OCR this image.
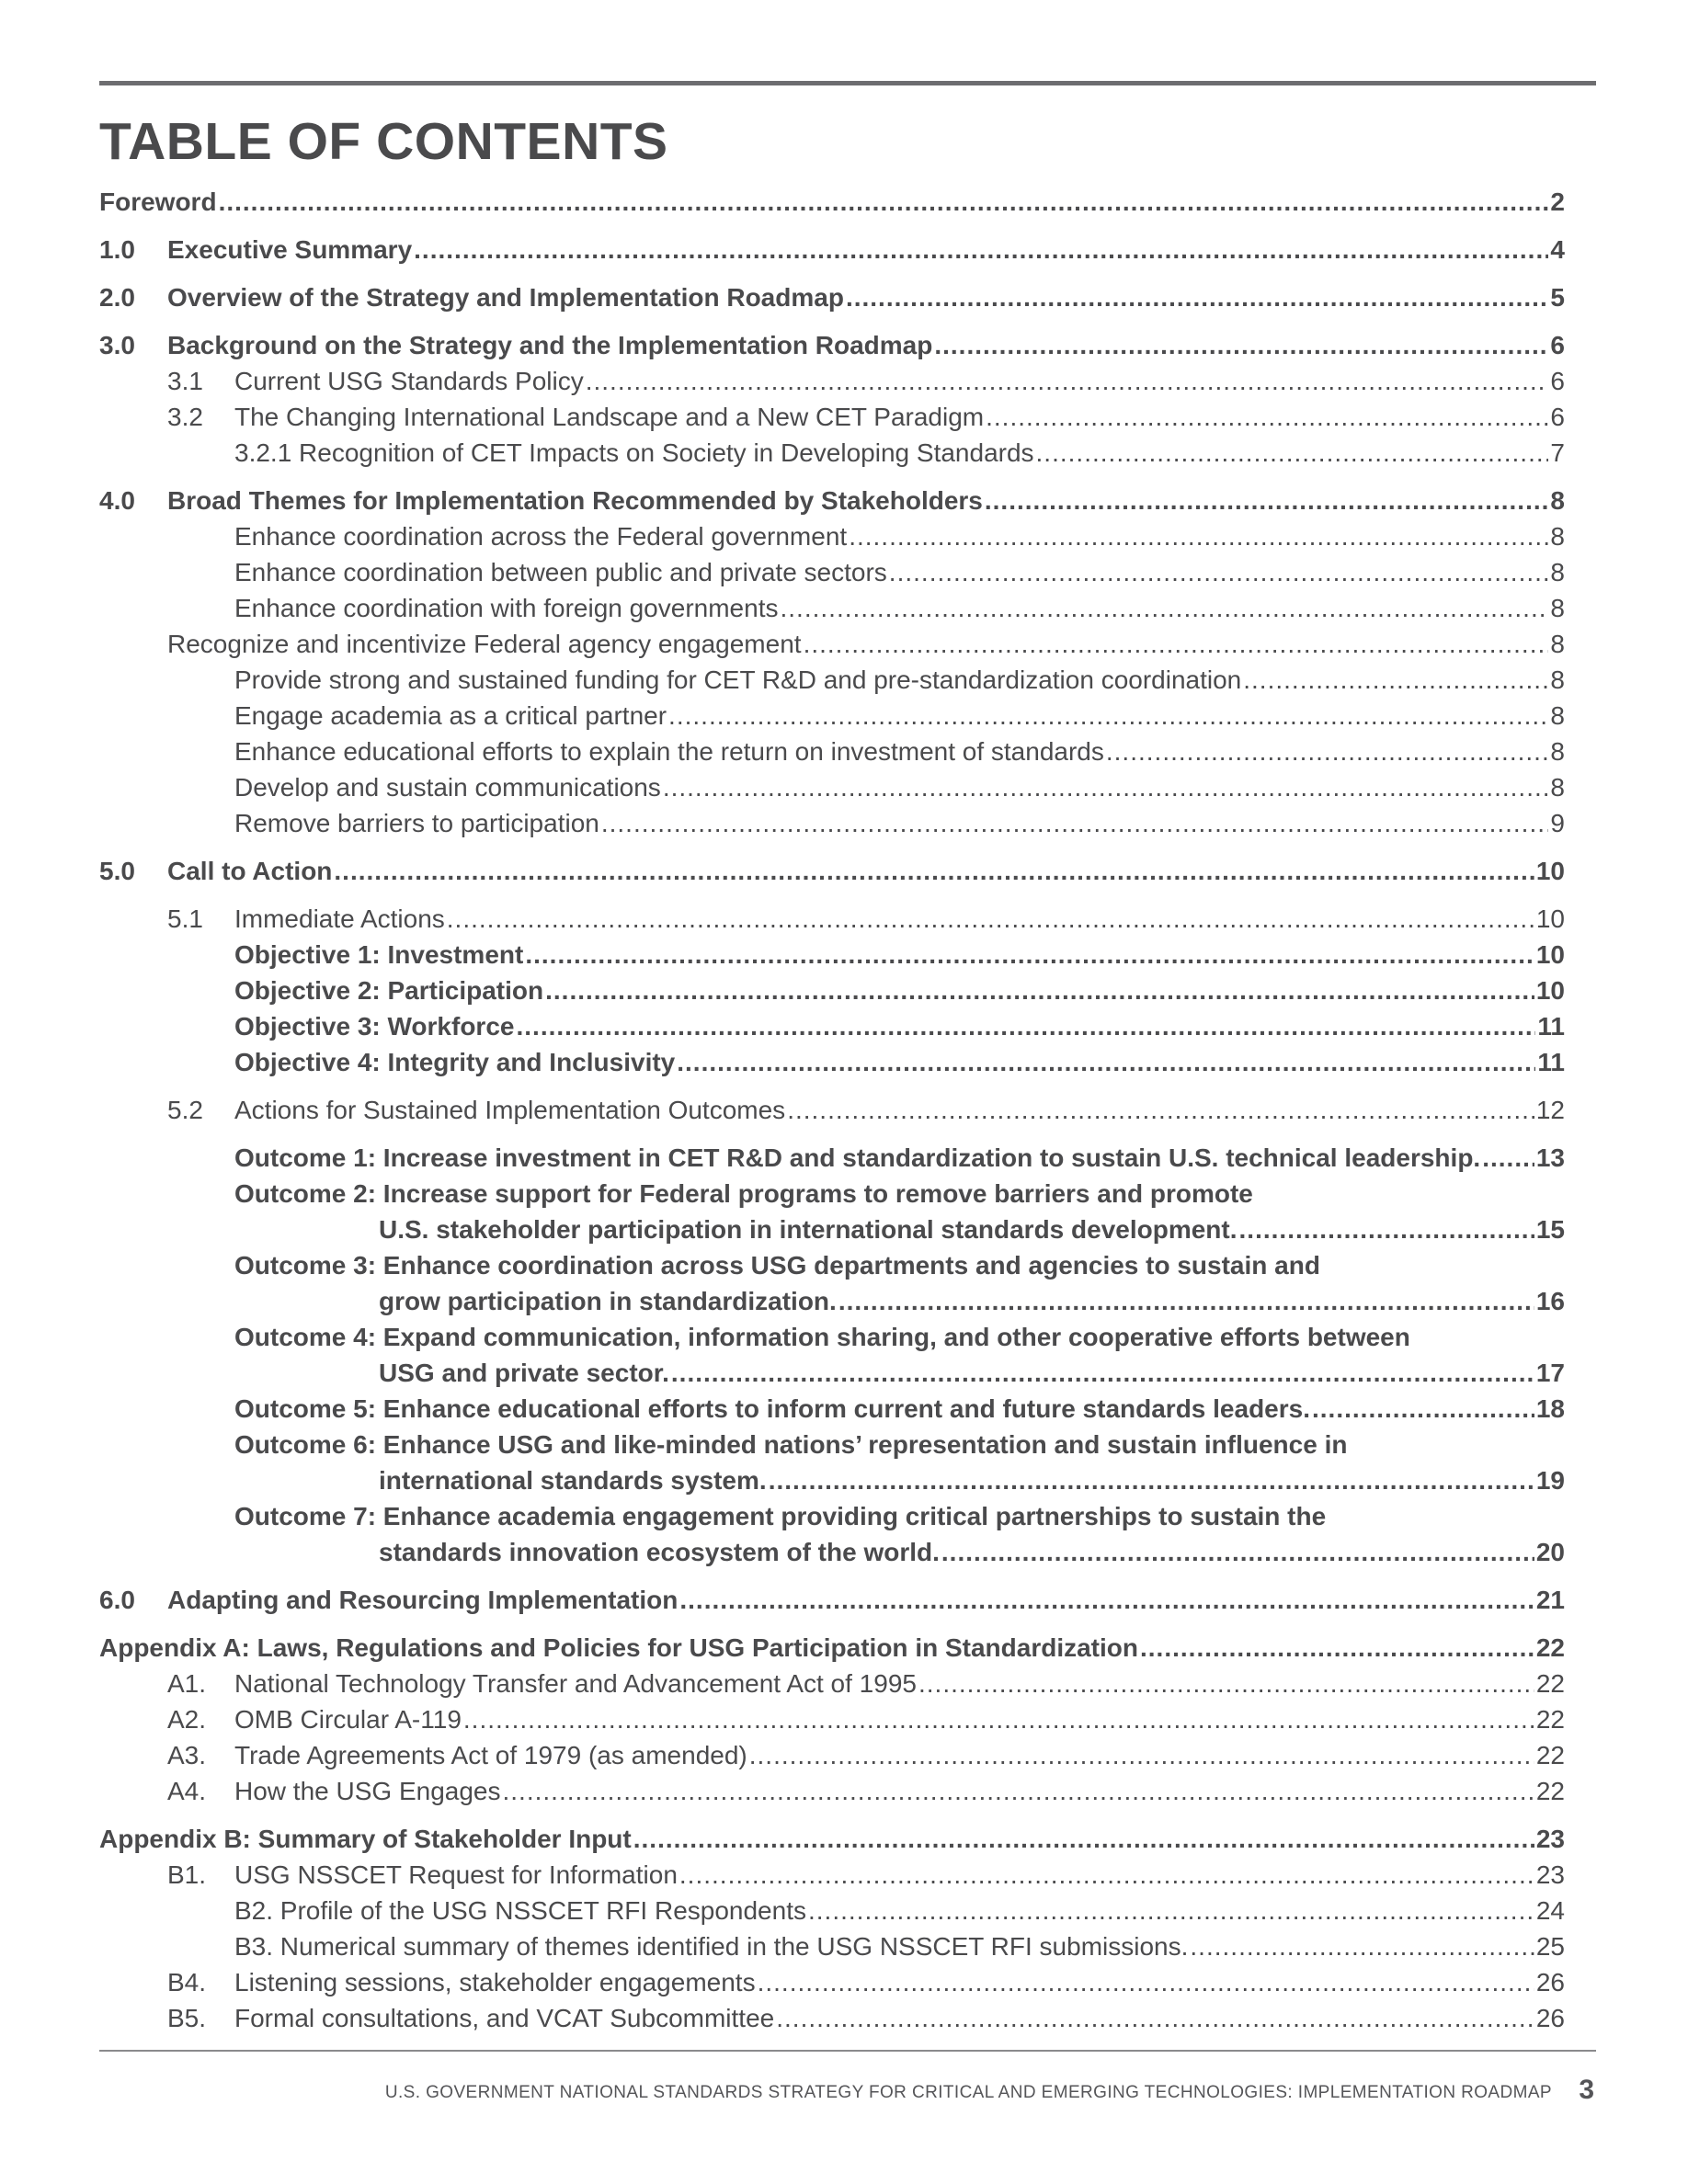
TABLE OF CONTENTS
Foreword .....	2
1.0	Executive Summary .....	4
2.0	Overview of the Strategy and Implementation Roadmap .....	5
3.0	Background on the Strategy and the Implementation Roadmap .....	6
3.1	Current USG Standards Policy .....	6
3.2	The Changing International Landscape and a New CET Paradigm .....	6
3.2.1 Recognition of CET Impacts on Society in Developing Standards .....	7
4.0	Broad Themes for Implementation Recommended by Stakeholders .....	8
Enhance coordination across the Federal government .....	8
Enhance coordination between public and private sectors .....	8
Enhance coordination with foreign governments .....	8
Recognize and incentivize Federal agency engagement .....	8
Provide strong and sustained funding for CET R&D and pre-standardization coordination .....	8
Engage academia as a critical partner .....	8
Enhance educational efforts to explain the return on investment of standards .....	8
Develop and sustain communications .....	8
Remove barriers to participation .....	9
5.0	Call to Action .....	10
5.1	Immediate Actions .....	10
Objective 1: Investment .....	10
Objective 2: Participation .....	10
Objective 3: Workforce .....	11
Objective 4: Integrity and Inclusivity .....	11
5.2	Actions for Sustained Implementation Outcomes .....	12
Outcome 1: Increase investment in CET R&D and standardization to sustain U.S. technical leadership. ..... 13
Outcome 2: Increase support for Federal programs to remove barriers and promote
U.S. stakeholder participation in international standards development. .....	15
Outcome 3: Enhance coordination across USG departments and agencies to sustain and
grow participation in standardization. .....	16
Outcome 4: Expand communication, information sharing, and other cooperative efforts between
USG and private sector. .....	17
Outcome 5: Enhance educational efforts to inform current and future standards leaders. .....	18
Outcome 6: Enhance USG and like-minded nations’ representation and sustain influence in
international standards system. .....	19
Outcome 7: Enhance academia engagement providing critical partnerships to sustain the
standards innovation ecosystem of the world. .....	20
6.0	Adapting and Resourcing Implementation .....	21
Appendix A: Laws, Regulations and Policies for USG Participation in Standardization .....	22
A1.	National Technology Transfer and Advancement Act of 1995 .....	22
A2.	OMB Circular A-119 .....	22
A3.	Trade Agreements Act of 1979 (as amended) .....	22
A4.	How the USG Engages .....	22
Appendix B: Summary of Stakeholder Input .....	23
B1.	USG NSSCET Request for Information .....	23
B2. Profile of the USG NSSCET RFI Respondents .....	24
B3. Numerical summary of themes identified in the USG NSSCET RFI submissions. .....	25
B4.	Listening sessions, stakeholder engagements .....	26
B5.	Formal consultations, and VCAT Subcommittee .....	26
U.S. GOVERNMENT NATIONAL STANDARDS STRATEGY FOR CRITICAL AND EMERGING TECHNOLOGIES: IMPLEMENTATION ROADMAP 3
